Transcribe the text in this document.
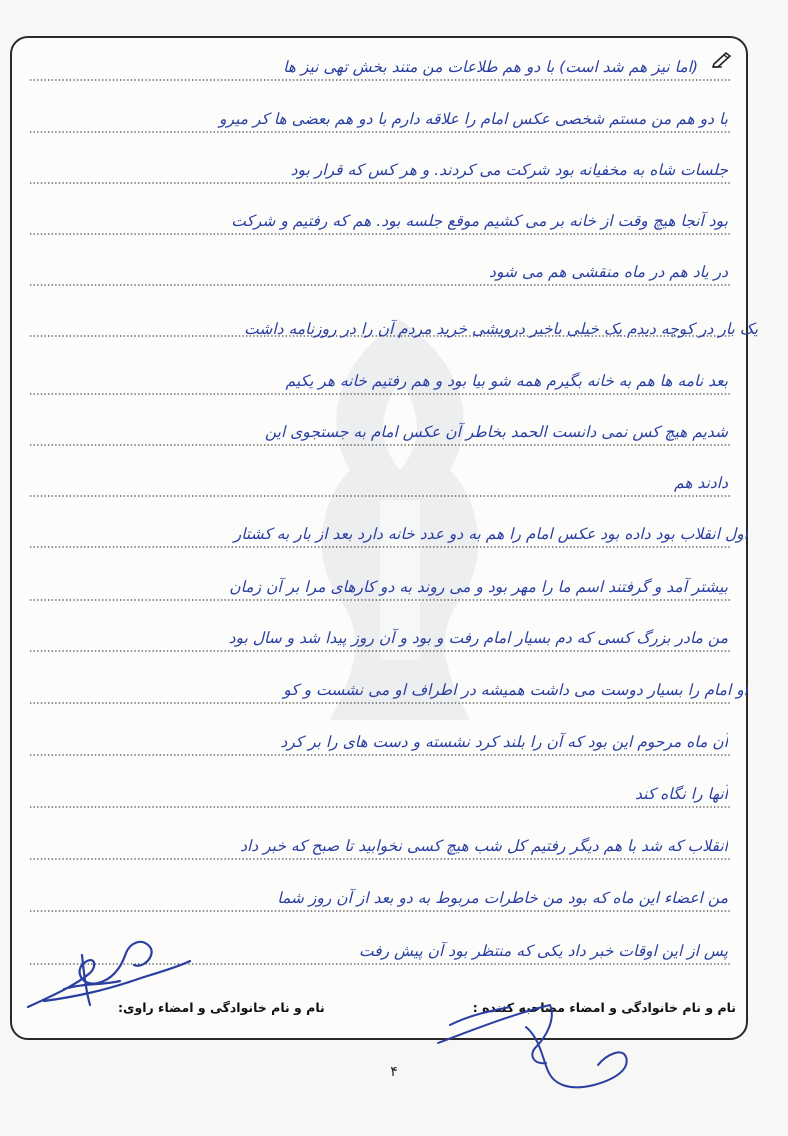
(اما نیز هم شد است) با دو هم طلاعات من متند بخش تهی نیز ها
با دو هم من مستم شخصی عکس امام را علاقه دارم با دو هم بعضی ها کر میرو
جلسات شاه به مخفیانه بود شرکت می کردند. و هر کس که قرار بود
بود آنجا هیچ وقت از خانه بر می کشیم موقع جلسه بود. هم که رفتیم و شرکت
در یاد هم در ماه منقشی هم می شود
یک بار در کوچه دیدم یک خیلی باخبر درویشی خرید مردم آن را در روزنامه داشت
بعد نامه ها هم به خانه بگیرم همه شو بیا بود و هم رفتیم خانه هر یکیم
شدیم هیچ کس نمی دانست الحمد بخاطر آن عکس امام به جستجوی این
دادند هم
اول انقلاب بود داده بود عکس امام را هم به دو عدد خانه دارد بعد از بار به کشتار
بیشتر آمد و گرفتند اسم ما را مهر بود و می روند به دو کارهای مرا بر آن زمان
من مادر بزرگ کسی که دم بسیار امام رفت و بود و آن روز پیدا شد و سال بود
او امام را بسیار دوست می داشت همیشه در اطراف او می نشست و کو
آن ماه مرحوم این بود که آن را بلند کرد نشسته و دست های را بر کرد
آنها را نگاه کند
انقلاب که شد با هم دیگر رفتیم کل شب هیچ کسی نخوابید تا صبح که خبر داد
من اعضاء این ماه که بود من خاطرات مربوط به دو بعد از آن روز شما
پس از این اوقات خبر داد یکی که منتظر بود آن پیش رفت
نام و نام خانوادگی و امضاء مصاحبه کننده :
نام و نام خانوادگی و امضاء راوی:
۴
